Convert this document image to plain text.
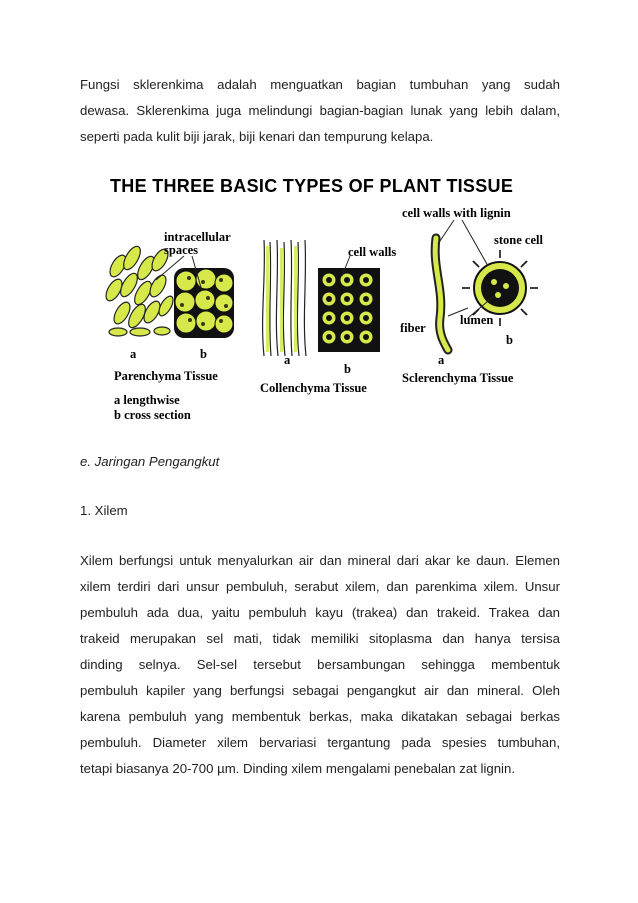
Fungsi sklerenkima adalah menguatkan bagian tumbuhan yang sudah
dewasa. Sklerenkima juga melindungi bagian-bagian lunak yang lebih dalam,
seperti pada kulit biji jarak, biji kenari dan tempurung kelapa.
THE THREE BASIC TYPES OF PLANT TISSUE
intracellular
spaces
a	b
Parenchyma Tissue
cell walls
a
b
Collenchyma Tissue
cell walls with lignin
stone cell
fiber
lumen
a
b
Sclerenchyma Tissue
a lengthwise
b cross section
e. Jaringan Pengangkut
1. Xilem
Xilem berfungsi untuk menyalurkan air dan mineral dari akar ke daun. Elemen
xilem terdiri dari unsur pembuluh, serabut xilem, dan parenkima xilem. Unsur
pembuluh ada dua, yaitu pembuluh kayu (trakea) dan trakeid. Trakea dan
trakeid merupakan sel mati, tidak memiliki sitoplasma dan hanya tersisa
dinding selnya. Sel-sel tersebut bersambungan sehingga membentuk
pembuluh kapiler yang berfungsi sebagai pengangkut air dan mineral. Oleh
karena pembuluh yang membentuk berkas, maka dikatakan sebagai berkas
pembuluh. Diameter xilem bervariasi tergantung pada spesies tumbuhan,
tetapi biasanya 20-700 µm. Dinding xilem mengalami penebalan zat lignin.
